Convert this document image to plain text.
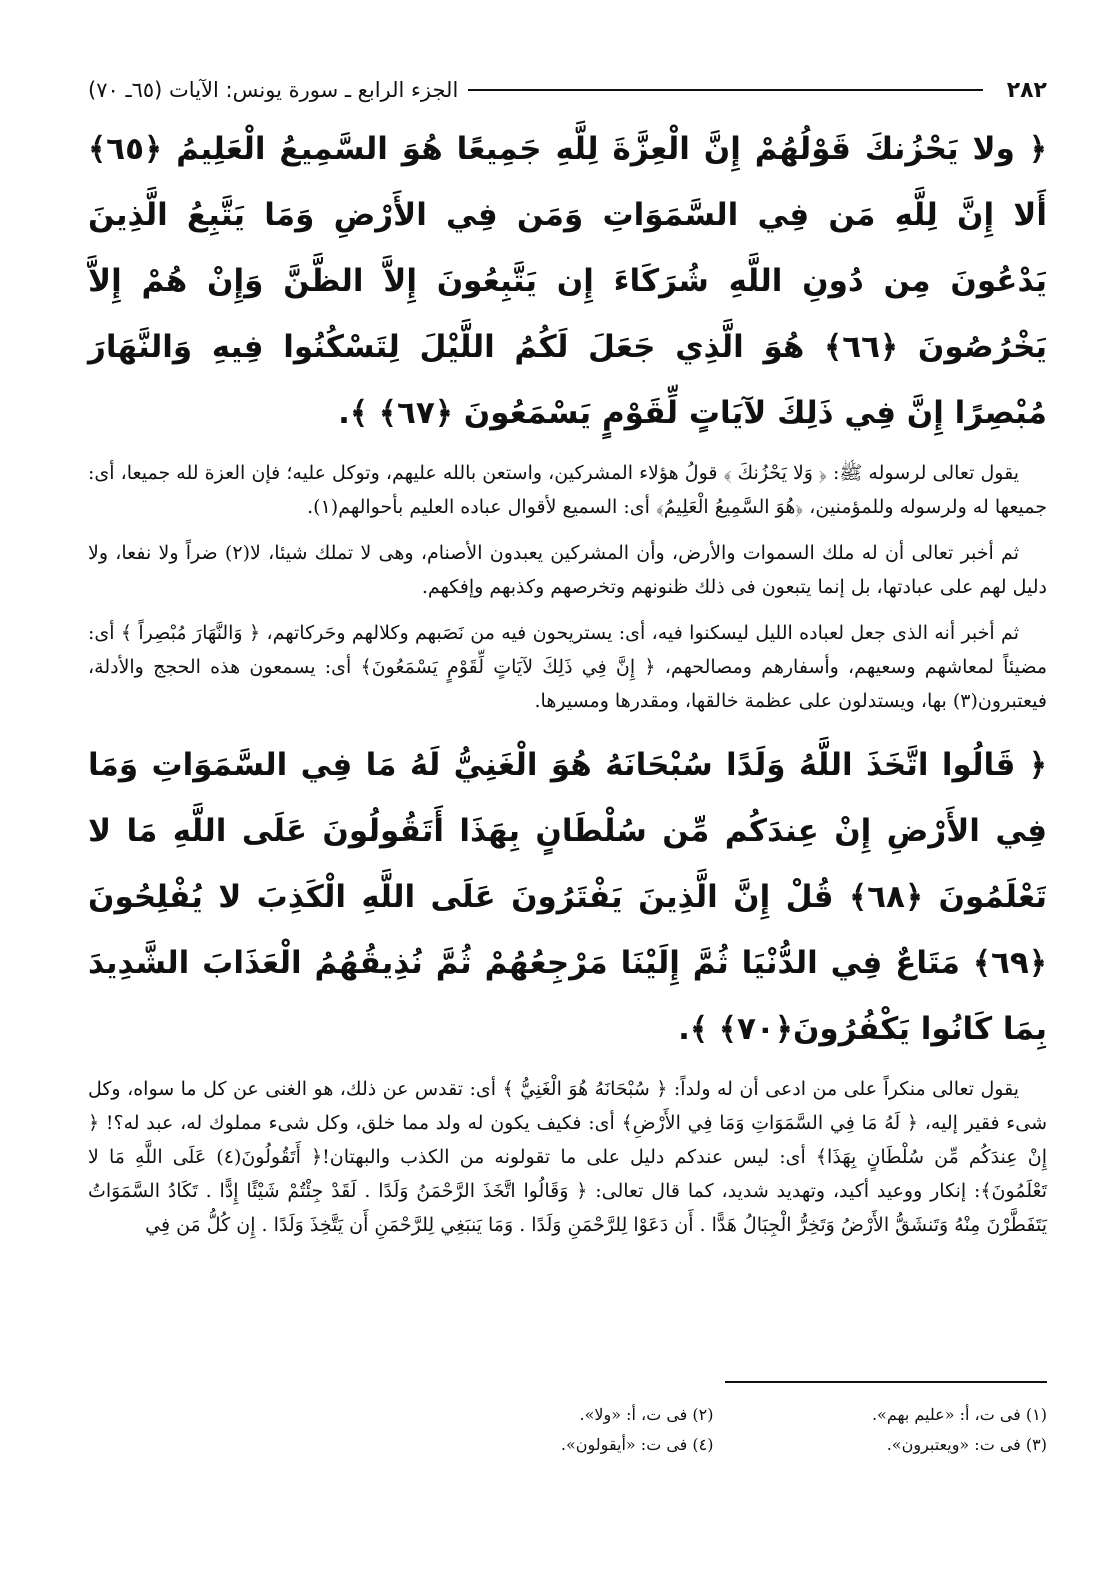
٢٨٢
الجزء الرابع ـ سورة يونس: الآيات (٦٥ـ ٧٠)
﴿ ولا يَحْزُنكَ قَوْلُهُمْ إِنَّ الْعِزَّةَ لِلَّهِ جَمِيعًا هُوَ السَّمِيعُ الْعَلِيمُ ﴿٦٥﴾ أَلا إِنَّ لِلَّهِ مَن فِي السَّمَوَاتِ وَمَن فِي الأَرْضِ وَمَا يَتَّبِعُ الَّذِينَ يَدْعُونَ مِن دُونِ اللَّهِ شُرَكَاءَ إِن يَتَّبِعُونَ إِلاَّ الظَّنَّ وَإِنْ هُمْ إِلاَّ يَخْرُصُونَ ﴿٦٦﴾ هُوَ الَّذِي جَعَلَ لَكُمُ اللَّيْلَ لِتَسْكُنُوا فِيهِ وَالنَّهَارَ مُبْصِرًا إِنَّ فِي ذَلِكَ لآيَاتٍ لِّقَوْمٍ يَسْمَعُونَ ﴿٦٧﴾ ﴾.

يقول تعالى لرسوله ﷺ: ﴿ وَلا يَحْزُنكَ ﴾ قولُ هؤلاء المشركين، واستعن بالله عليهم، وتوكل عليه؛ فإن العزة لله جميعا، أى: جميعها له ولرسوله وللمؤمنين، ﴿هُوَ السَّمِيعُ الْعَلِيمُ﴾ أى: السميع لأقوال عباده العليم بأحوالهم(١).

ثم أخبر تعالى أن له ملك السموات والأرض، وأن المشركين يعبدون الأصنام، وهى لا تملك شيئا، لا(٢) ضراً ولا نفعا، ولا دليل لهم على عبادتها، بل إنما يتبعون فى ذلك ظنونهم وتخرصهم وكذبهم وإفكهم.

ثم أخبر أنه الذى جعل لعباده الليل ليسكنوا فيه، أى: يستريحون فيه من نَصَبهم وكلالهم وحَركاتهم، ﴿ وَالنَّهَارَ مُبْصِراً ﴾ أى: مضيئاً لمعاشهم وسعيهم، وأسفارهم ومصالحهم، ﴿ إِنَّ فِي ذَلِكَ لآيَاتٍ لِّقَوْمٍ يَسْمَعُونَ﴾ أى: يسمعون هذه الحجج والأدلة، فيعتبرون(٣) بها، ويستدلون على عظمة خالقها، ومقدرها ومسيرها.

﴿ قَالُوا اتَّخَذَ اللَّهُ وَلَدًا سُبْحَانَهُ هُوَ الْغَنِيُّ لَهُ مَا فِي السَّمَوَاتِ وَمَا فِي الأَرْضِ إِنْ عِندَكُم مِّن سُلْطَانٍ بِهَذَا أَتَقُولُونَ عَلَى اللَّهِ مَا لا تَعْلَمُونَ ﴿٦٨﴾ قُلْ إِنَّ الَّذِينَ يَفْتَرُونَ عَلَى اللَّهِ الْكَذِبَ لا يُفْلِحُونَ ﴿٦٩﴾ مَتَاعٌ فِي الدُّنْيَا ثُمَّ إِلَيْنَا مَرْجِعُهُمْ ثُمَّ نُذِيقُهُمُ الْعَذَابَ الشَّدِيدَ بِمَا كَانُوا يَكْفُرُونَ﴿٧٠﴾ ﴾.

يقول تعالى منكراً على من ادعى أن له ولداً: ﴿ سُبْحَانَهُ هُوَ الْغَنِيُّ ﴾ أى: تقدس عن ذلك، هو الغنى عن كل ما سواه، وكل شىء فقير إليه، ﴿ لَهُ مَا فِي السَّمَوَاتِ وَمَا فِي الأَرْضِ﴾ أى: فكيف يكون له ولد مما خلق، وكل شىء مملوك له، عبد له؟! ﴿ إِنْ عِندَكُم مِّن سُلْطَانٍ بِهَذَا﴾ أى: ليس عندكم دليل على ما تقولونه من الكذب والبهتان!﴿ أَتَقُولُونَ(٤) عَلَى اللَّهِ مَا لا تَعْلَمُونَ﴾: إنكار ووعيد أكيد، وتهديد شديد، كما قال تعالى: ﴿ وَقَالُوا اتَّخَذَ الرَّحْمَنُ وَلَدًا . لَقَدْ جِئْتُمْ شَيْئًا إِدًّا . تَكَادُ السَّمَوَاتُ يَتَفَطَّرْنَ مِنْهُ وَتَنشَقُّ الأَرْضُ وَتَخِرُّ الْجِبَالُ هَدًّا . أَن دَعَوْا لِلرَّحْمَنِ وَلَدًا . وَمَا يَنبَغِي لِلرَّحْمَنِ أَن يَتَّخِذَ وَلَدًا . إِن كُلُّ مَن فِي

(١) فى ت، أ: «عليم بهم».
(٢) فى ت، أ: «ولا».
(٣) فى ت: «ويعتبرون».
(٤) فى ت: «أيقولون».
